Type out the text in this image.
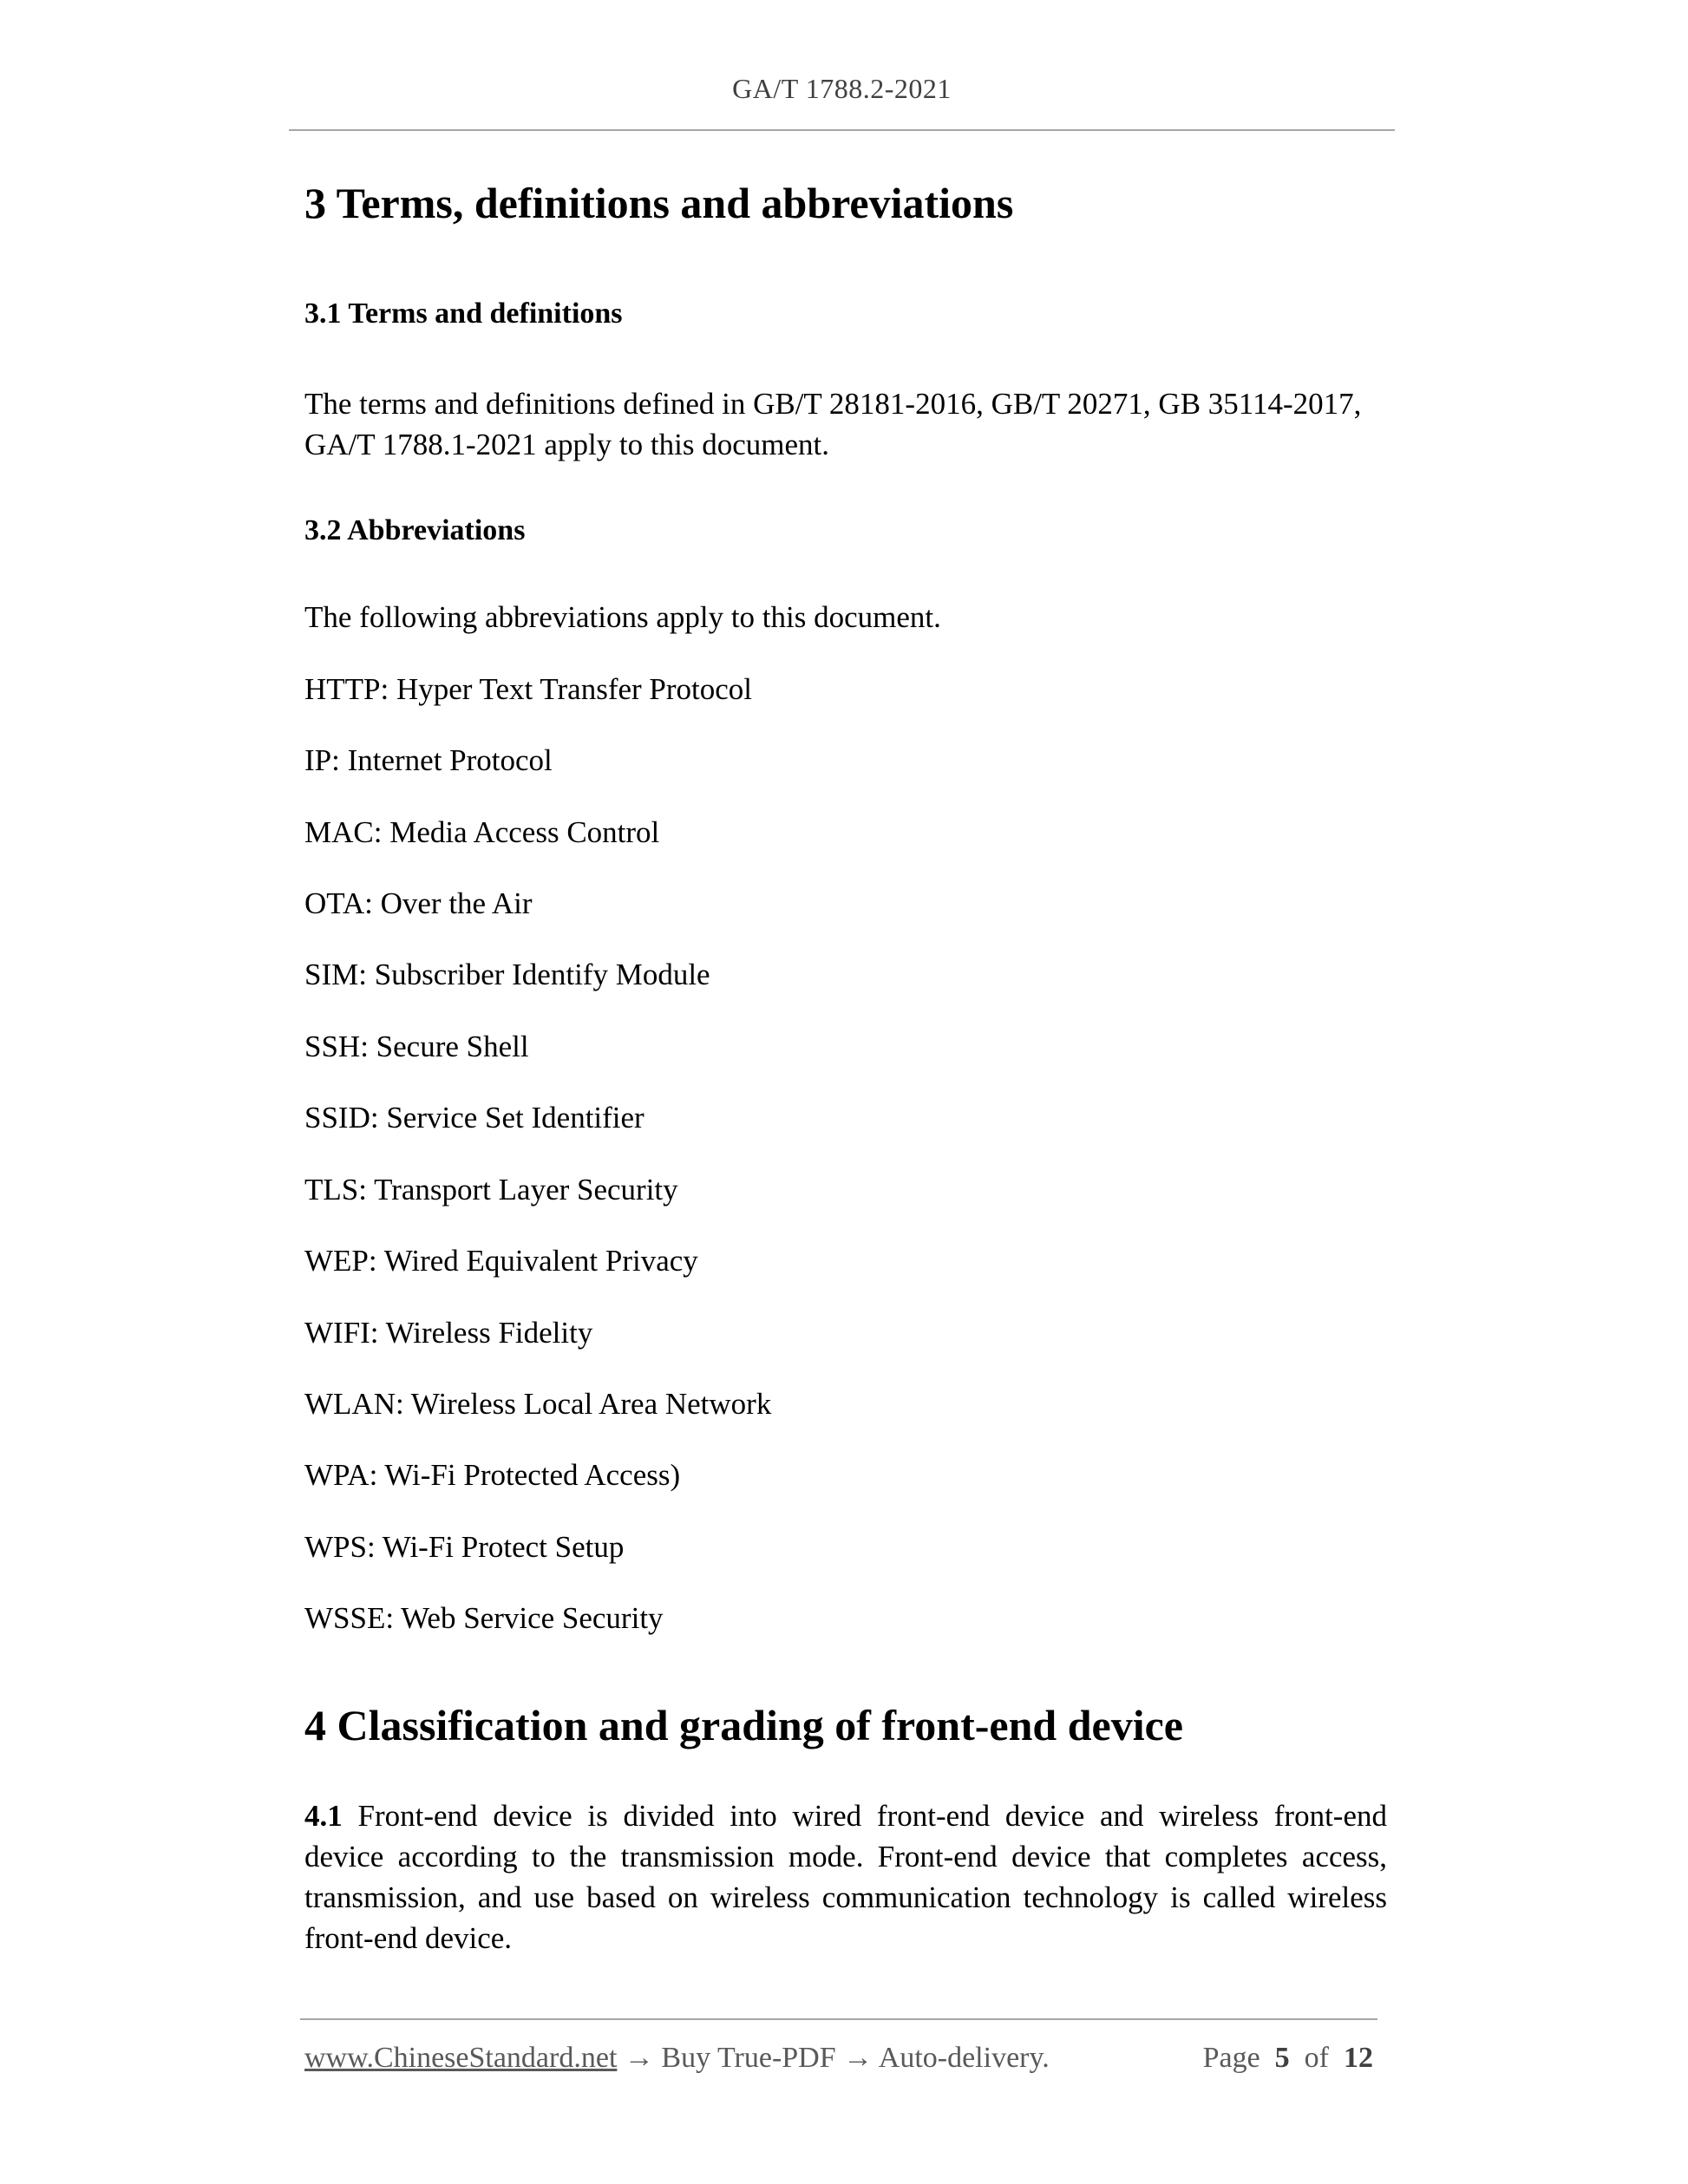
GA/T 1788.2-2021
3 Terms, definitions and abbreviations
3.1 Terms and definitions

The terms and definitions defined in GB/T 28181-2016, GB/T 20271, GB 35114-2017, GA/T 1788.1-2021 apply to this document.

3.2 Abbreviations

The following abbreviations apply to this document.

HTTP: Hyper Text Transfer Protocol

IP: Internet Protocol

MAC: Media Access Control

OTA: Over the Air

SIM: Subscriber Identify Module

SSH: Secure Shell

SSID: Service Set Identifier

TLS: Transport Layer Security

WEP: Wired Equivalent Privacy

WIFI: Wireless Fidelity

WLAN: Wireless Local Area Network

WPA: Wi-Fi Protected Access)

WPS: Wi-Fi Protect Setup

WSSE: Web Service Security

4 Classification and grading of front-end device

4.1 Front-end device is divided into wired front-end device and wireless front-end device according to the transmission mode. Front-end device that completes access, transmission, and use based on wireless communication technology is called wireless front-end device.

www.ChineseStandard.net → Buy True-PDF → Auto-delivery.	Page 5 of 12
